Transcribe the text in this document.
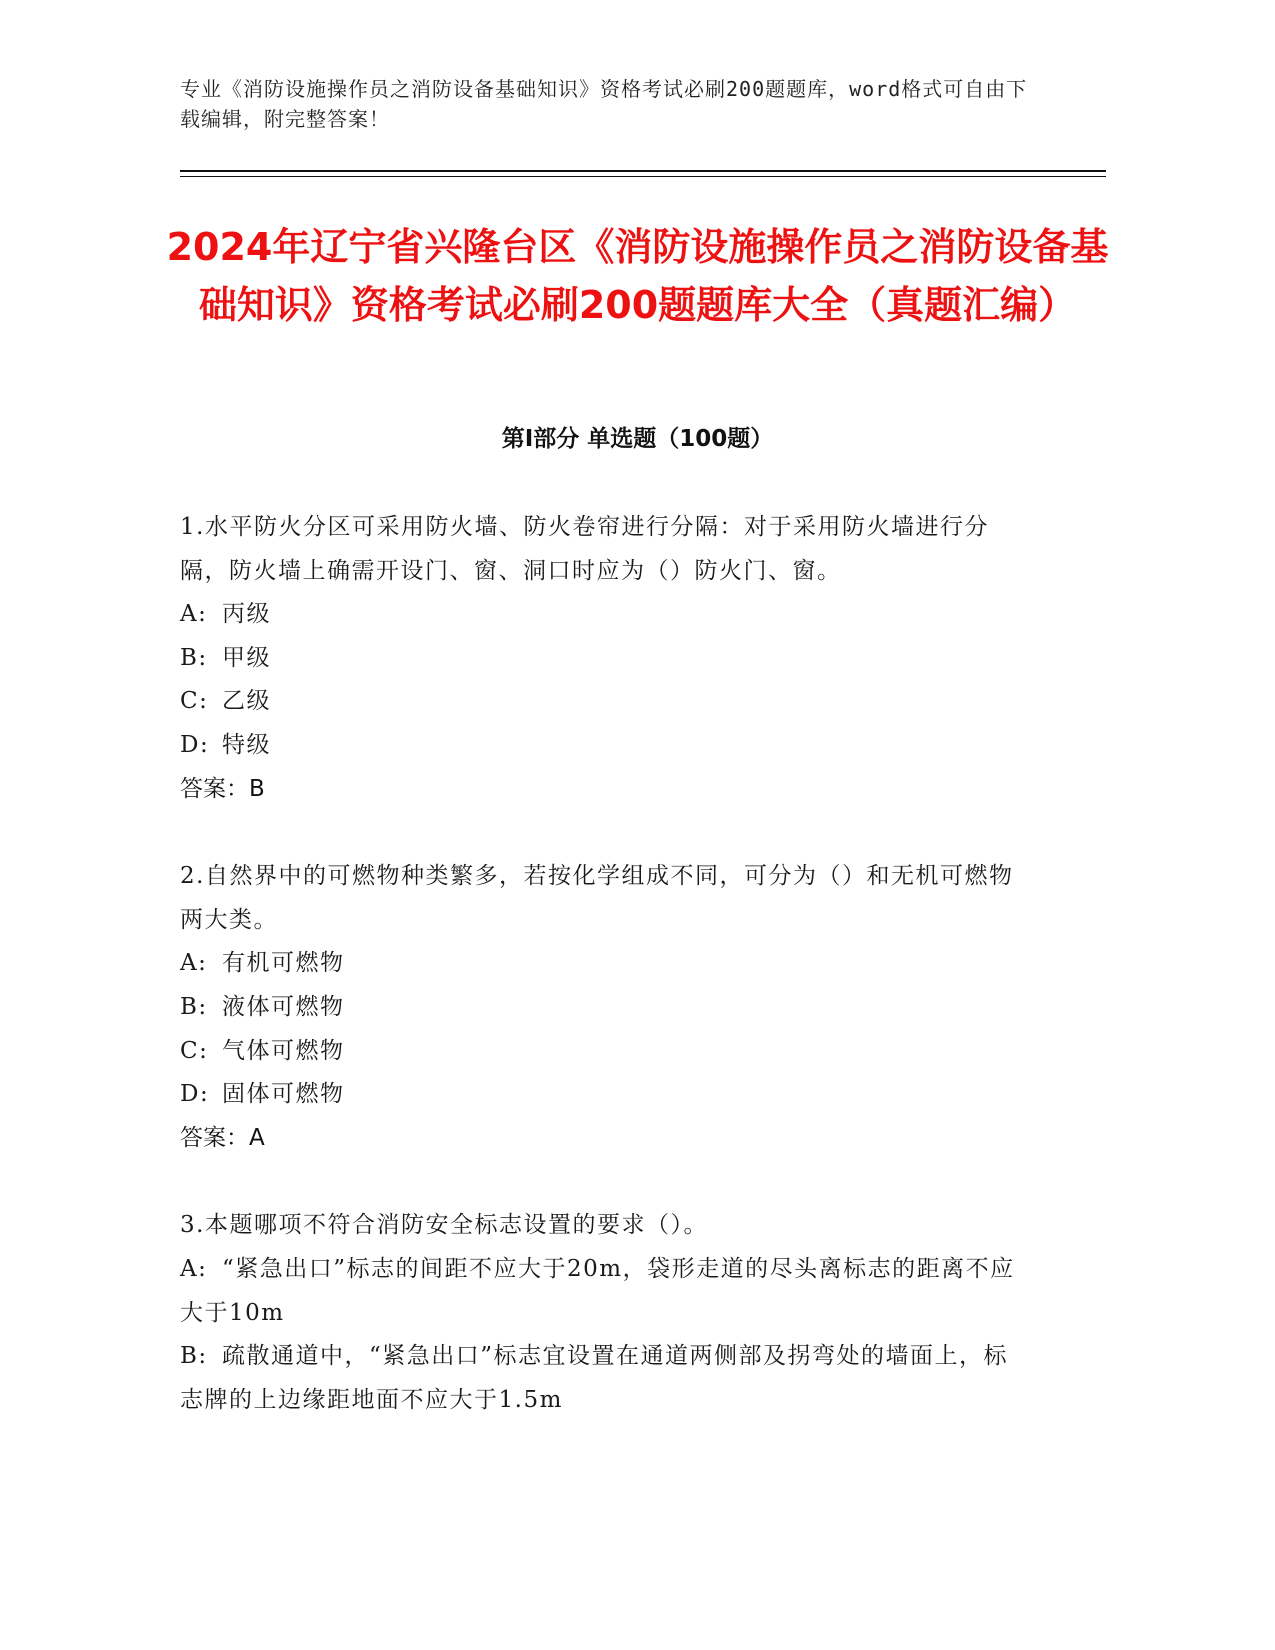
专业《消防设施操作员之消防设备基础知识》资格考试必刷200题题库，word格式可自由下载编辑，附完整答案！
2024年辽宁省兴隆台区《消防设施操作员之消防设备基础知识》资格考试必刷200题题库大全（真题汇编）
第Ⅰ部分 单选题（100题）
1.水平防火分区可采用防火墙、防火卷帘进行分隔：对于采用防火墙进行分隔，防火墙上确需开设门、窗、洞口时应为（）防火门、窗。
A: 丙级
B: 甲级
C: 乙级
D: 特级
答案：B
2.自然界中的可燃物种类繁多，若按化学组成不同，可分为（）和无机可燃物两大类。
A: 有机可燃物
B: 液体可燃物
C: 气体可燃物
D: 固体可燃物
答案：A
3.本题哪项不符合消防安全标志设置的要求（）。
A: “紧急出口”标志的间距不应大于20m，袋形走道的尽头离标志的距离不应大于10m
B: 疏散通道中，“紧急出口”标志宜设置在通道两侧部及拐弯处的墙面上，标志牌的上边缘距地面不应大于1.5m
